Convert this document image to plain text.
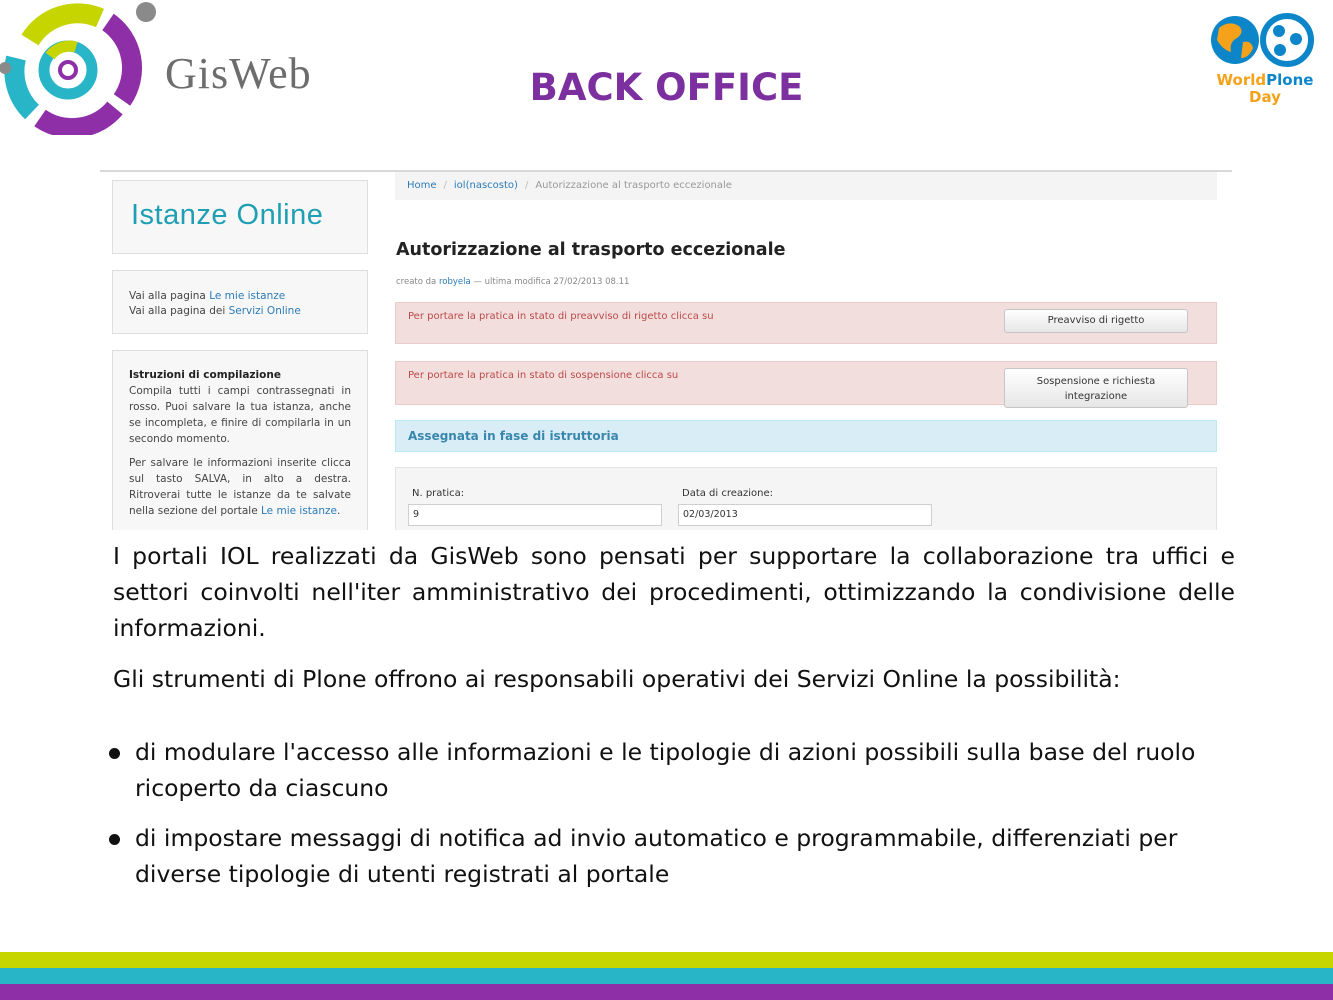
GisWeb	BACK OFFICE	WorldPlone
Day
Istanze Online
Vai alla pagina Le mie istanze
Vai alla pagina dei Servizi Online
Istruzioni di compilazione
Compila tutti i campi contrassegnati in rosso. Puoi salvare la tua istanza, anche se incompleta, e finire di compilarla in un secondo momento.
Per salvare le informazioni inserite clicca sul tasto SALVA, in alto a destra. Ritroverai tutte le istanze da te salvate nella sezione del portale Le mie istanze.
Home / iol(nascosto) / Autorizzazione al trasporto eccezionale
Autorizzazione al trasporto eccezionale
creato da robyela — ultima modifica 27/02/2013 08.11
Per portare la pratica in stato di preavviso di rigetto clicca su	Preavviso di rigetto
Per portare la pratica in stato di sospensione clicca su
Sospensione e richiesta
integrazione
Assegnata in fase di istruttoria
N. pratica:
9
Data di creazione:
02/03/2013
I portali IOL realizzati da GisWeb sono pensati per supportare la collaborazione tra uffici e settori coinvolti nell'iter amministrativo dei procedimenti, ottimizzando la condivisione delle informazioni.
Gli strumenti di Plone offrono ai responsabili operativi dei Servizi Online la possibilità:
di modulare l'accesso alle informazioni e le tipologie di azioni possibili sulla base del ruolo ricoperto da ciascuno
di impostare messaggi di notifica ad invio automatico e programmabile, differenziati per diverse tipologie di utenti registrati al portale
